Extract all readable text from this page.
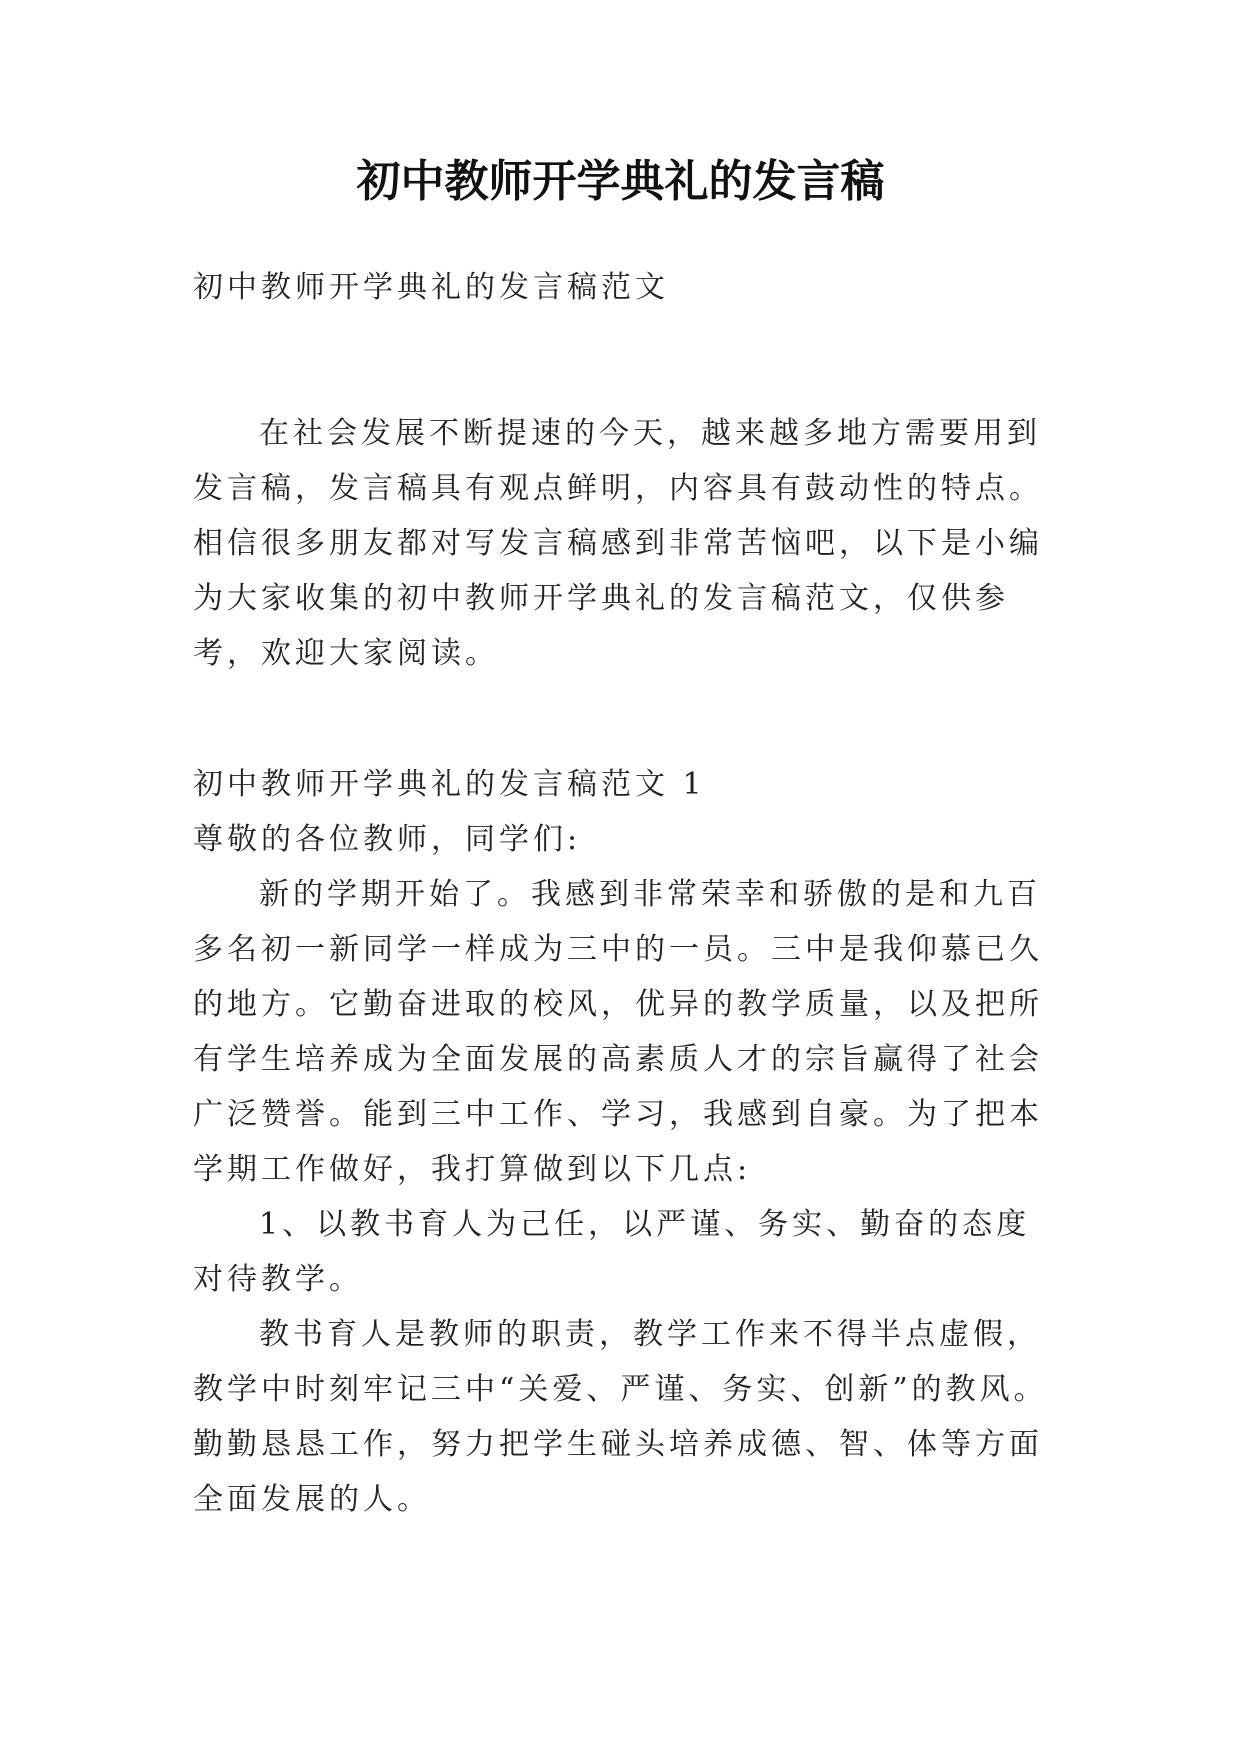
初中教师开学典礼的发言稿

初中教师开学典礼的发言稿范文

在社会发展不断提速的今天，越来越多地方需要用到发言稿，发言稿具有观点鲜明，内容具有鼓动性的特点。相信很多朋友都对写发言稿感到非常苦恼吧，以下是小编为大家收集的初中教师开学典礼的发言稿范文，仅供参考，欢迎大家阅读。

初中教师开学典礼的发言稿范文 1

尊敬的各位教师，同学们:

新的学期开始了。我感到非常荣幸和骄傲的是和九百多名初一新同学一样成为三中的一员。三中是我仰慕已久的地方。它勤奋进取的校风，优异的教学质量，以及把所有学生培养成为全面发展的高素质人才的宗旨赢得了社会广泛赞誉。能到三中工作、学习，我感到自豪。为了把本学期工作做好，我打算做到以下几点:

1、以教书育人为己任，以严谨、务实、勤奋的态度对待教学。

教书育人是教师的职责，教学工作来不得半点虚假，教学中时刻牢记三中“关爱、严谨、务实、创新”的教风。勤勤恳恳工作，努力把学生碰头培养成德、智、体等方面全面发展的人。
